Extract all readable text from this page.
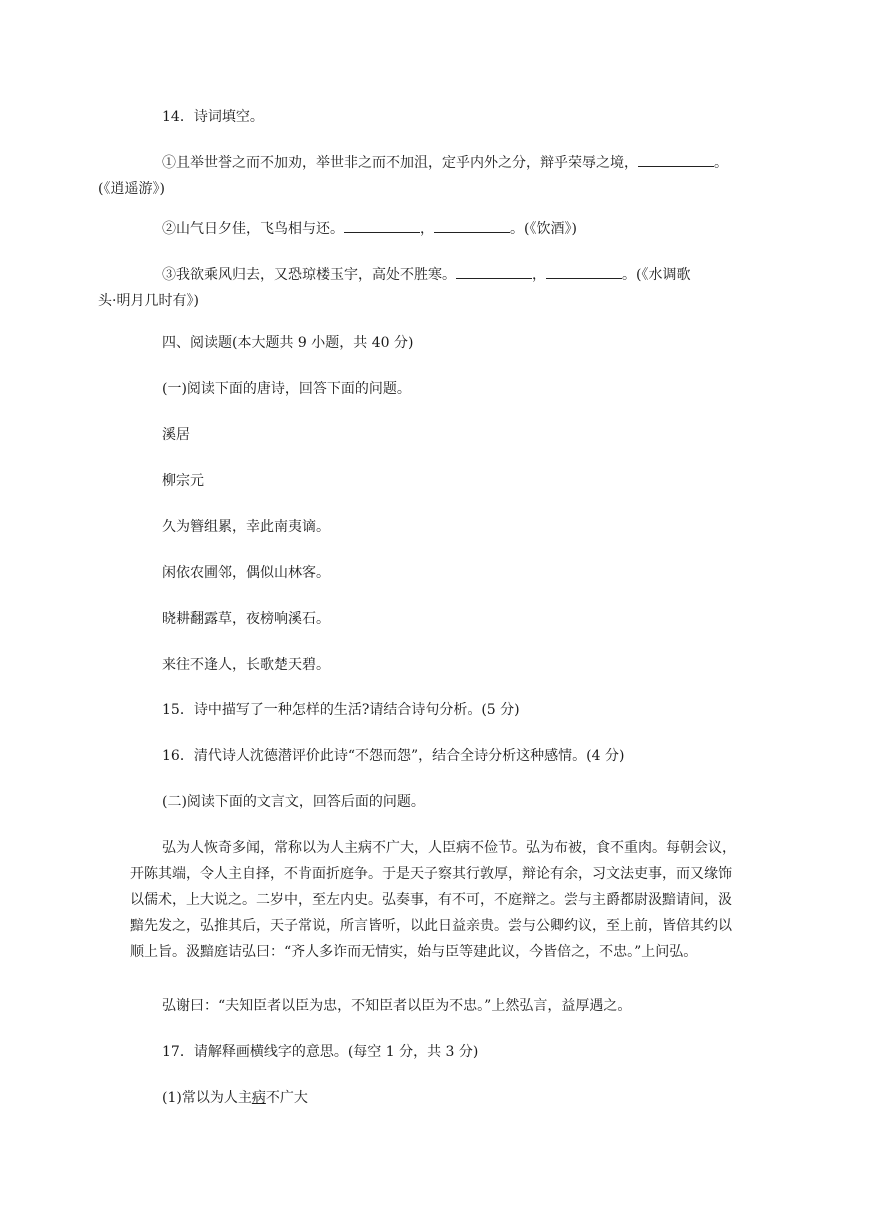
14．诗词填空。

①且举世誉之而不加劝，举世非之而不加沮，定乎内外之分，辩乎荣辱之境，	。
(《逍遥游》)

②山气日夕佳，飞鸟相与还。	，	。(《饮酒》)

③我欲乘风归去，又恐琼楼玉宇，高处不胜寒。	，	。(《水调歌
头·明月几时有》)

四、阅读题(本大题共 9 小题，共 40 分)

(一)阅读下面的唐诗，回答下面的问题。

溪居

柳宗元

久为簪组累，幸此南夷谪。

闲依农圃邻，偶似山林客。

晓耕翻露草，夜榜响溪石。

来往不逢人，长歌楚天碧。

15．诗中描写了一种怎样的生活?请结合诗句分析。(5 分)

16．清代诗人沈德潜评价此诗“不怨而怨”，结合全诗分析这种感情。(4 分)

(二)阅读下面的文言文，回答后面的问题。

弘为人恢奇多闻，常称以为人主病不广大，人臣病不俭节。弘为布被，食不重肉。每朝会议，开陈其端，令人主自择，不肯面折庭争。于是天子察其行敦厚，辩论有余，习文法吏事，而又缘饰以儒术，上大说之。二岁中，至左内史。弘奏事，有不可，不庭辩之。尝与主爵都尉汲黯请间，汲黯先发之，弘推其后，天子常说，所言皆听，以此日益亲贵。尝与公卿约议，至上前，皆倍其约以顺上旨。汲黯庭诘弘曰：“齐人多诈而无情实，始与臣等建此议，今皆倍之，不忠。”上问弘。

弘谢曰：“夫知臣者以臣为忠，不知臣者以臣为不忠。”上然弘言，益厚遇之。

17．请解释画横线字的意思。(每空 1 分，共 3 分)

(1)常以为人主病不广大
